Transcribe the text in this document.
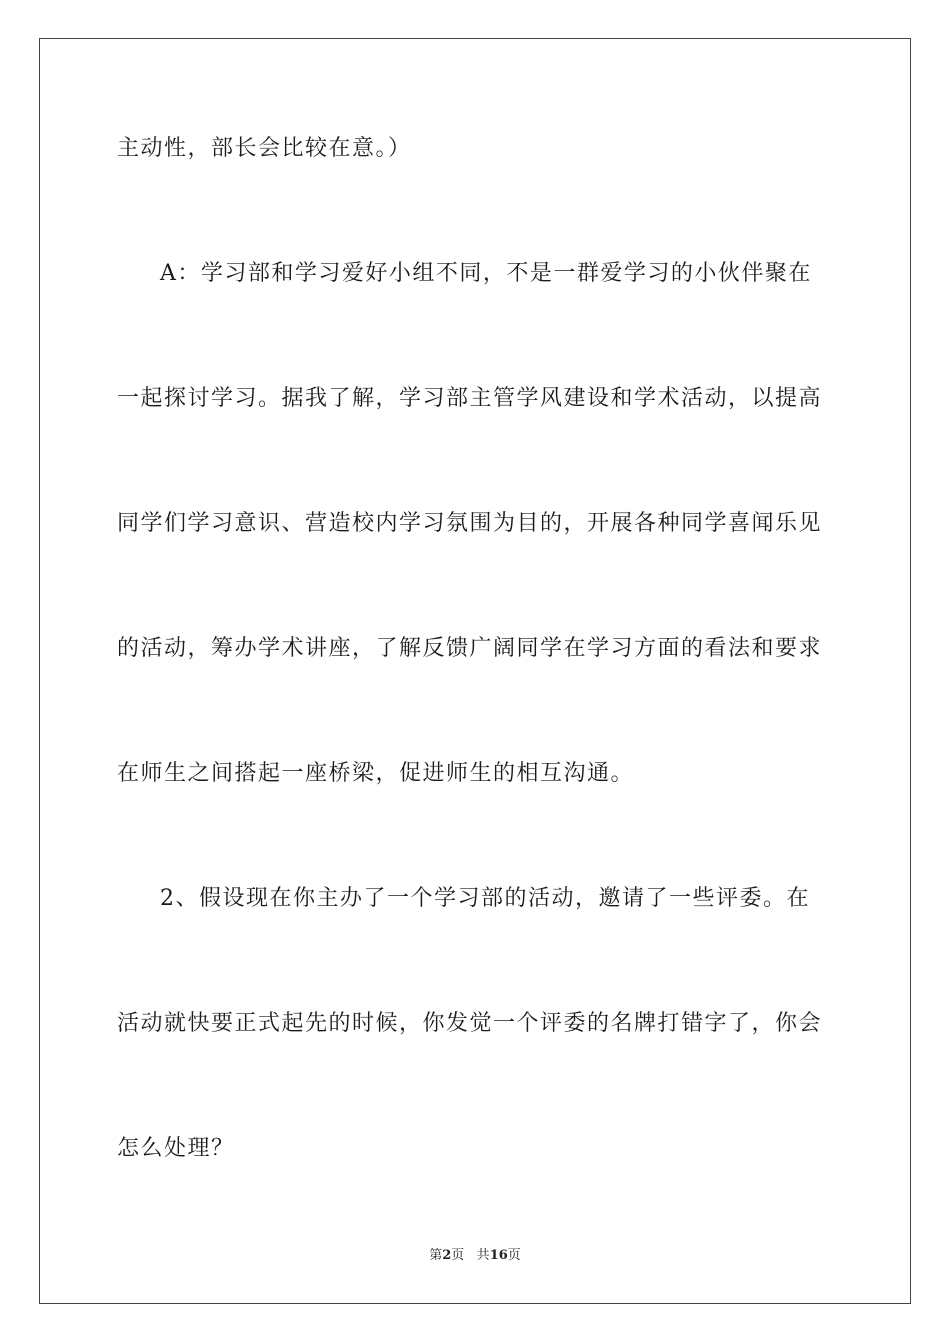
主动性，部长会比较在意。）
A：学习部和学习爱好小组不同，不是一群爱学习的小伙伴聚在
一起探讨学习。据我了解，学习部主管学风建设和学术活动，以提高
同学们学习意识、营造校内学习氛围为目的，开展各种同学喜闻乐见
的活动，筹办学术讲座，了解反馈广阔同学在学习方面的看法和要求
在师生之间搭起一座桥梁，促进师生的相互沟通。
2、假设现在你主办了一个学习部的活动，邀请了一些评委。在
活动就快要正式起先的时候，你发觉一个评委的名牌打错字了，你会
怎么处理？
第2页 共16页
